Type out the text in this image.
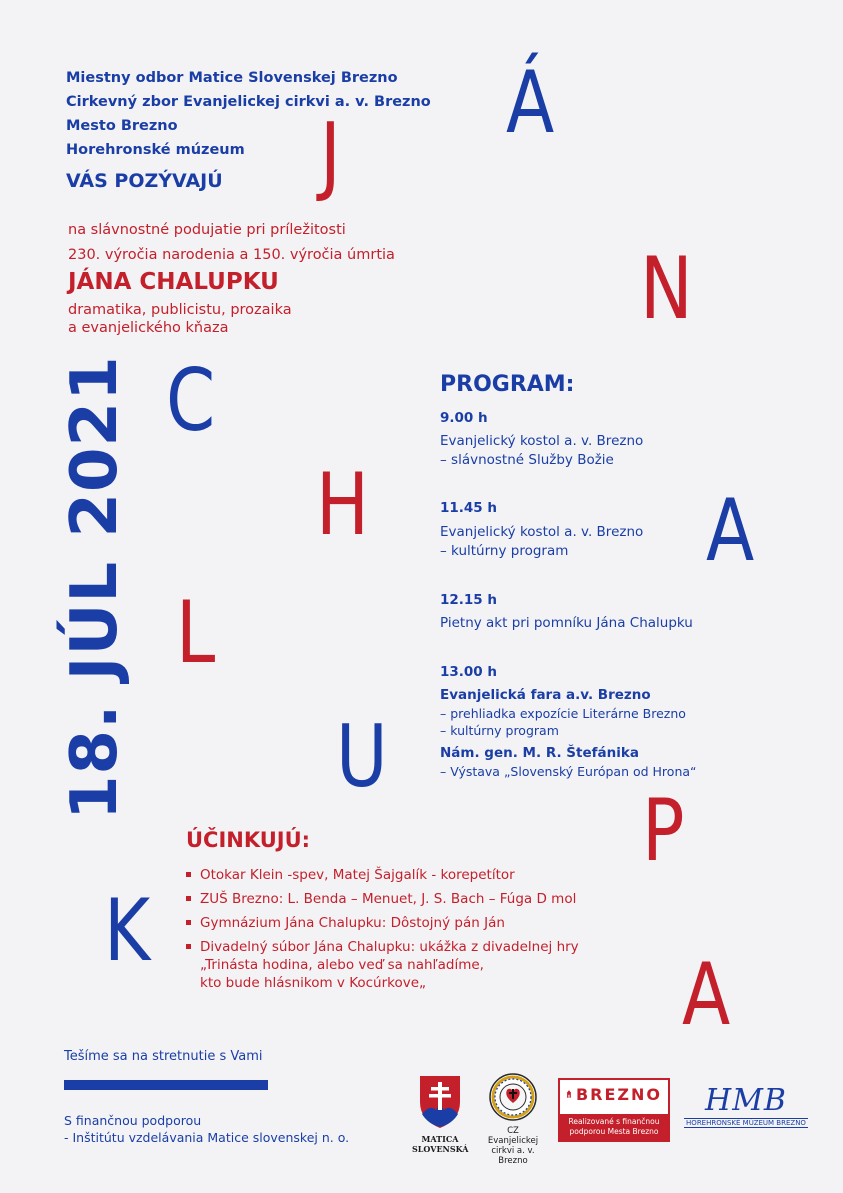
Miestny odbor Matice Slovenskej Brezno
Cirkevný zbor Evanjelickej cirkvi a. v. Brezno
Mesto Brezno
Horehronské múzeum
VÁS POZÝVAJÚ
na slávnostné podujatie pri príležitosti
230. výročia narodenia a 150. výročia úmrtia
JÁNA CHALUPKU
dramatika, publicistu, prozaika
a evanjelického kňaza
J
Á
N
C
H	A
L
U
P
K
A
18. JÚL 2021	PROGRAM:
9.00 h
Evanjelický kostol a. v. Brezno
– slávnostné Služby Božie
11.45 h
Evanjelický kostol a. v. Brezno
– kultúrny program
12.15 h
Pietny akt pri pomníku Jána Chalupku
13.00 h
Evanjelická fara a.v. Brezno
– prehliadka expozície Literárne Brezno
– kultúrny program
Nám. gen. M. R. Štefánika
– Výstava „Slovenský Európan od Hrona“
ÚČINKUJÚ:
Otokar Klein -spev, Matej Šajgalík - korepetítor
ZUŠ Brezno: L. Benda – Menuet, J. S. Bach – Fúga D mol
Gymnázium Jána Chalupku: Dôstojný pán Ján
Divadelný súbor Jána Chalupku: ukážka z divadelnej hry
„Trinásta hodina, alebo veď sa nahľadíme,
kto bude hlásnikom v Kocúrkove„
Tešíme sa na stretnutie s Vami
S finančnou podporou
- Inštitútu vzdelávania Matice slovenskej n. o.	MATICA
SLOVENSKÁ
CZ Evanjelickej
cirkvi a. v.
Brezno
BREZNO
Realizované s finančnou
podporou Mesta Brezno
HMB
HOREHRONSKÉ MÚZEUM BREZNO
